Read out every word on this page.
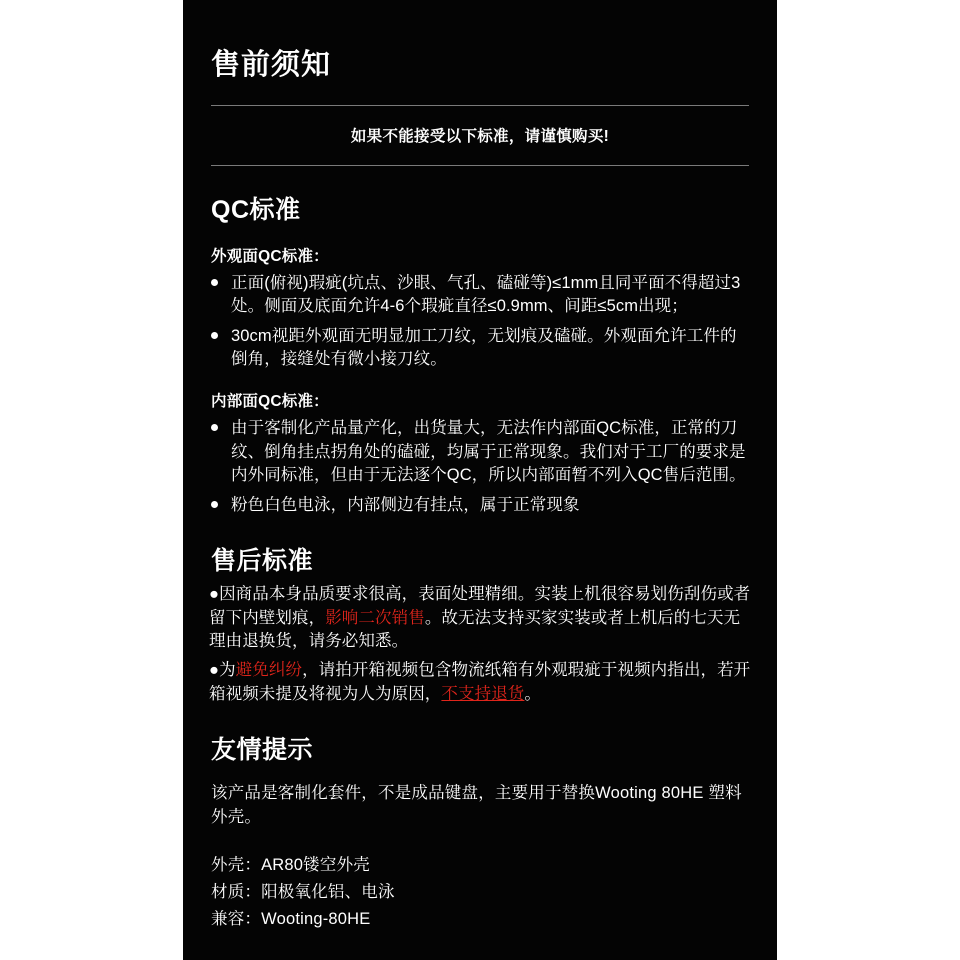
售前须知
如果不能接受以下标准，请谨慎购买!
QC标准
外观面QC标准：
正面(俯视)瑕疵(坑点、沙眼、气孔、磕碰等)≤1mm且同平面不得超过3处。侧面及底面允许4-6个瑕疵直径≤0.9mm、间距≤5cm出现；
30cm视距外观面无明显加工刀纹，无划痕及磕碰。外观面允许工件的倒角，接缝处有微小接刀纹。
内部面QC标准：
由于客制化产品量产化，出货量大，无法作内部面QC标准，正常的刀纹、倒角挂点拐角处的磕碰，均属于正常现象。我们对于工厂的要求是内外同标准，但由于无法逐个QC，所以内部面暂不列入QC售后范围。
粉色白色电泳，内部侧边有挂点，属于正常现象
售后标准
●因商品本身品质要求很高，表面处理精细。实装上机很容易划伤刮伤或者留下内壁划痕，影响二次销售。故无法支持买家实装或者上机后的七天无理由退换货，请务必知悉。
●为避免纠纷，请拍开箱视频包含物流纸箱有外观瑕疵于视频内指出，若开箱视频未提及将视为人为原因，不支持退货。
友情提示
该产品是客制化套件，不是成品键盘，主要用于替换Wooting 80HE 塑料外壳。
外壳：AR80镂空外壳
材质：阳极氧化铝、电泳
兼容：Wooting-80HE
